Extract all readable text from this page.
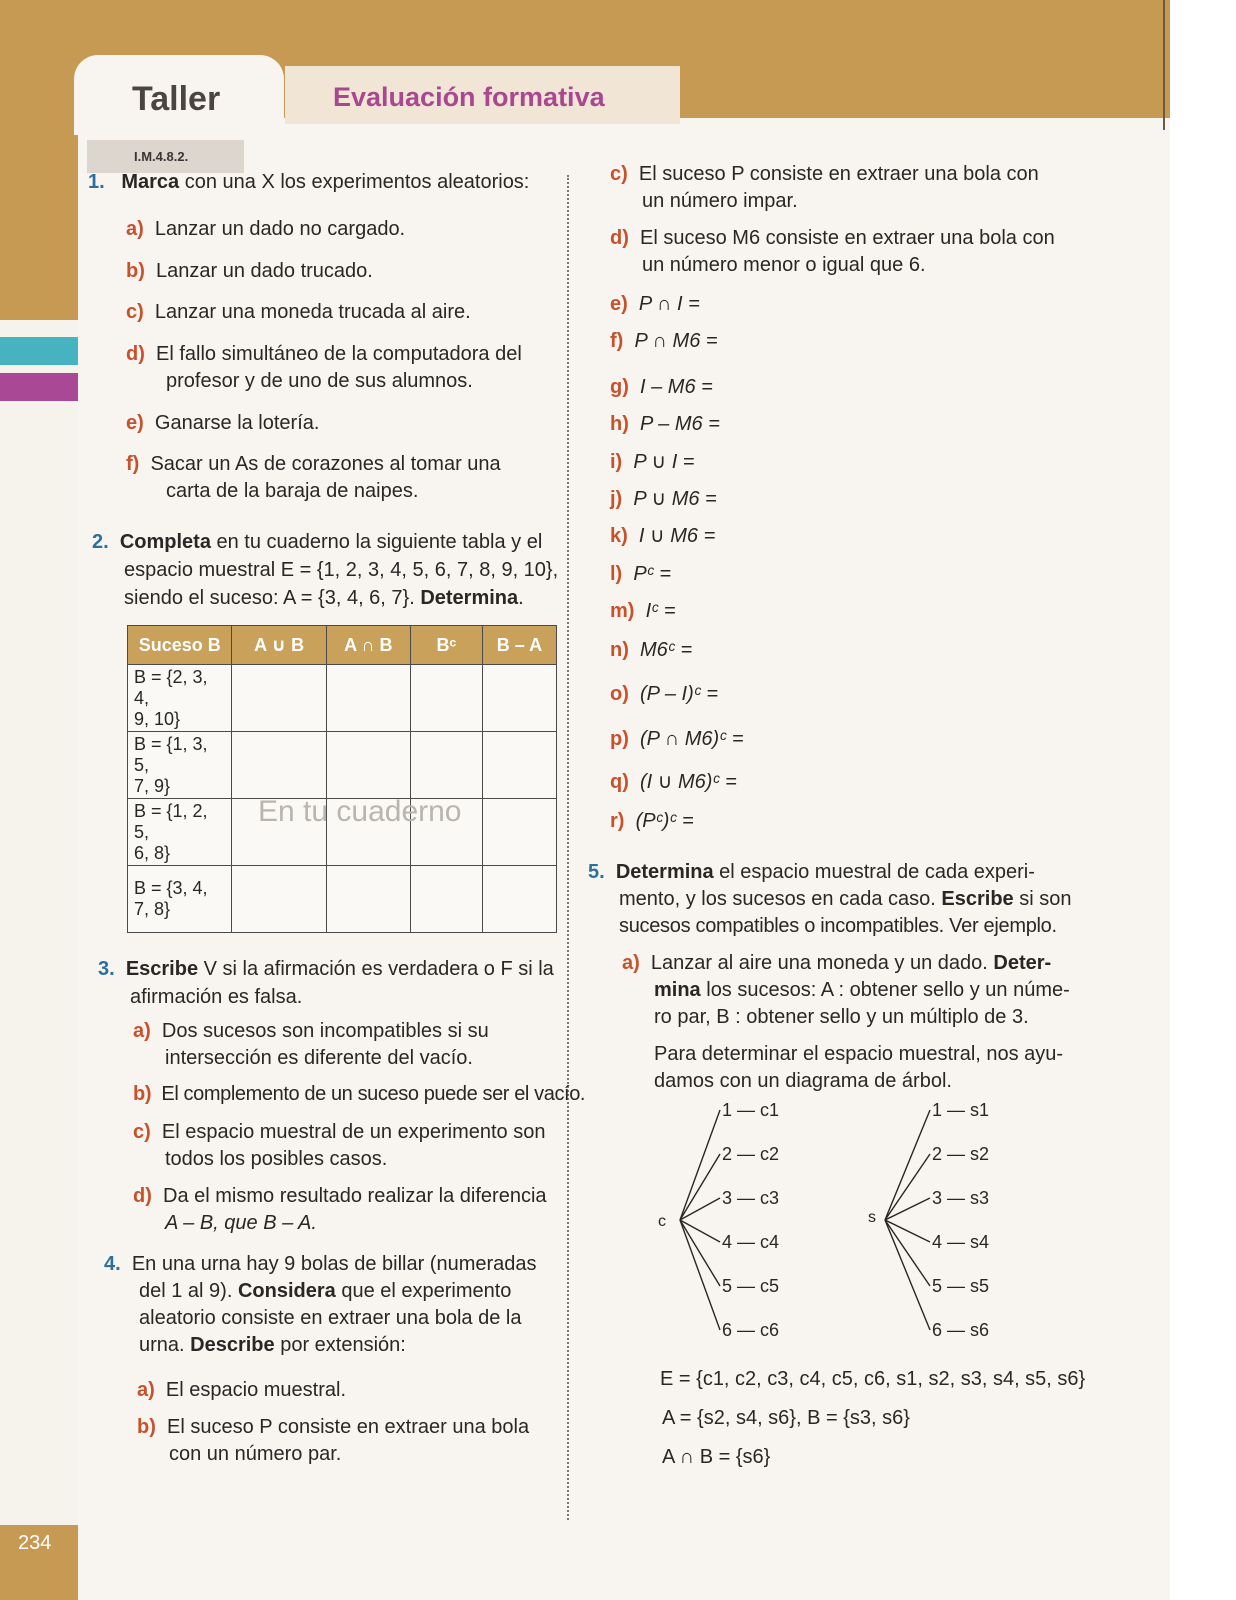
Taller	Evaluación formativa
I.M.4.8.2.
234
1. Marca con una X los experimentos aleatorios:
a) Lanzar un dado no cargado.
b) Lanzar un dado trucado.
c) Lanzar una moneda trucada al aire.
d) El fallo simultáneo de la computadora del
profesor y de uno de sus alumnos.
e) Ganarse la lotería.
f) Sacar un As de corazones al tomar una
carta de la baraja de naipes.
2. Completa en tu cuaderno la siguiente tabla y el
espacio muestral E = {1, 2, 3, 4, 5, 6, 7, 8, 9, 10},
siendo el suceso: A = {3, 4, 6, 7}. Determina.
Suceso B	A ∪ B	A ∩ B	Bᶜ	B – A

B = {2, 3, 4,
9, 10}				

B = {1, 3, 5,
7, 9}				

B = {1, 2, 5,
6, 8}				

B = {3, 4,
7, 8}				

En tu cuaderno
3. Escribe V si la afirmación es verdadera o F si la
afirmación es falsa.
a) Dos sucesos son incompatibles si su
intersección es diferente del vacío.
b) El complemento de un suceso puede ser el vacío.
c) El espacio muestral de un experimento son
todos los posibles casos.
d) Da el mismo resultado realizar la diferencia
A – B, que B – A.
4. En una urna hay 9 bolas de billar (numeradas
del 1 al 9). Considera que el experimento
aleatorio consiste en extraer una bola de la
urna. Describe por extensión:
a) El espacio muestral.
b) El suceso P consiste en extraer una bola
con un número par.
c) El suceso P consiste en extraer una bola con
un número impar.
d) El suceso M6 consiste en extraer una bola con
un número menor o igual que 6.
e) P ∩ I =
f) P ∩ M6 =
g) I – M6 =
h) P – M6 =
i) P ∪ I =
j) P ∪ M6 =
k) I ∪ M6 =
l) Pᶜ =
m) Iᶜ =
n) M6ᶜ =
o) (P – I)ᶜ =
p) (P ∩ M6)ᶜ =
q) (I ∪ M6)ᶜ =
r) (Pᶜ)ᶜ =
5. Determina el espacio muestral de cada experi-
mento, y los sucesos en cada caso. Escribe si son
sucesos compatibles o incompatibles. Ver ejemplo.
a) Lanzar al aire una moneda y un dado. Deter-
mina los sucesos: A : obtener sello y un núme-
ro par, B : obtener sello y un múltiplo de 3.
Para determinar el espacio muestral, nos ayu-
damos con un diagrama de árbol.
c	s
1 — c1
2 — c2
3 — c3
4 — c4
5 — c5
6 — c6
1 — s1
2 — s2
3 — s3
4 — s4
5 — s5
6 — s6
E = {c1, c2, c3, c4, c5, c6, s1, s2, s3, s4, s5, s6}
A = {s2, s4, s6}, B = {s3, s6}
A ∩ B = {s6}
